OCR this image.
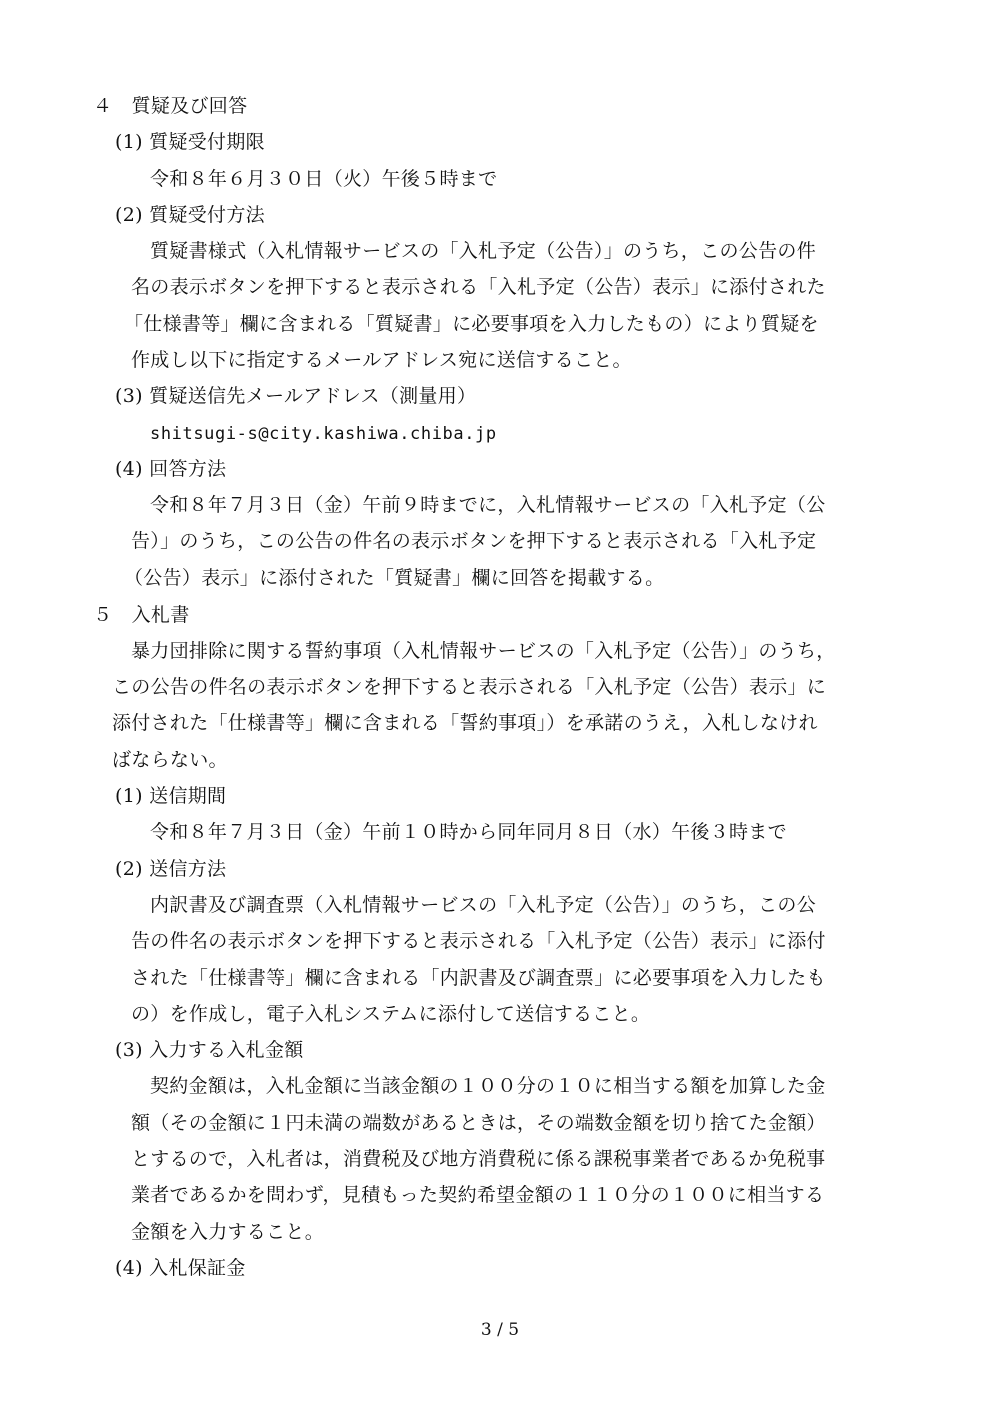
４　質疑及び回答
(1) 質疑受付期限
令和８年６月３０日（火）午後５時まで
(2) 質疑受付方法
質疑書様式（入札情報サービスの「入札予定（公告）」のうち，この公告の件
名の表示ボタンを押下すると表示される「入札予定（公告）表示」に添付された
「仕様書等」欄に含まれる「質疑書」に必要事項を入力したもの）により質疑を
作成し以下に指定するメールアドレス宛に送信すること。
(3) 質疑送信先メールアドレス（測量用）
shitsugi-s@city.kashiwa.chiba.jp
(4) 回答方法
令和８年７月３日（金）午前９時までに，入札情報サービスの「入札予定（公
告）」のうち，この公告の件名の表示ボタンを押下すると表示される「入札予定
（公告）表示」に添付された「質疑書」欄に回答を掲載する。
５　入札書
暴力団排除に関する誓約事項（入札情報サービスの「入札予定（公告）」のうち，
この公告の件名の表示ボタンを押下すると表示される「入札予定（公告）表示」に
添付された「仕様書等」欄に含まれる「誓約事項」）を承諾のうえ，入札しなけれ
ばならない。
(1) 送信期間
令和８年７月３日（金）午前１０時から同年同月８日（水）午後３時まで
(2) 送信方法
内訳書及び調査票（入札情報サービスの「入札予定（公告）」のうち，この公
告の件名の表示ボタンを押下すると表示される「入札予定（公告）表示」に添付
された「仕様書等」欄に含まれる「内訳書及び調査票」に必要事項を入力したも
の）を作成し，電子入札システムに添付して送信すること。
(3) 入力する入札金額
契約金額は，入札金額に当該金額の１００分の１０に相当する額を加算した金
額（その金額に１円未満の端数があるときは，その端数金額を切り捨てた金額）
とするので，入札者は，消費税及び地方消費税に係る課税事業者であるか免税事
業者であるかを問わず，見積もった契約希望金額の１１０分の１００に相当する
金額を入力すること。
(4) 入札保証金
3 / 5
